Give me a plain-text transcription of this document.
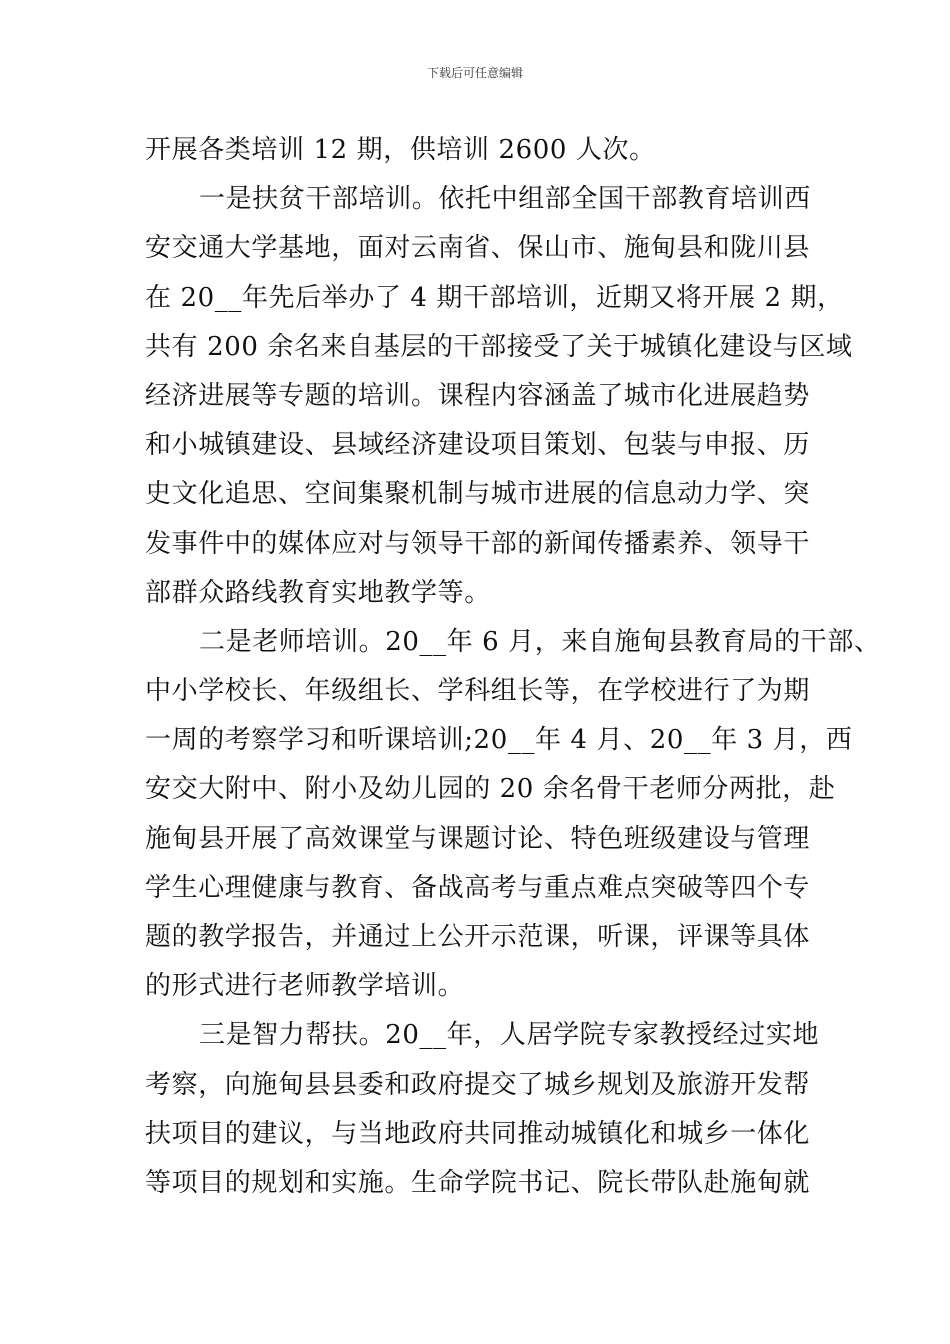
下载后可任意编辑
开展各类培训 12 期，供培训 2600 人次。
一是扶贫干部培训。依托中组部全国干部教育培训西
安交通大学基地，面对云南省、保山市、施甸县和陇川县
在 20__年先后举办了 4 期干部培训，近期又将开展 2 期，
共有 200 余名来自基层的干部接受了关于城镇化建设与区域
经济进展等专题的培训。课程内容涵盖了城市化进展趋势
和小城镇建设、县域经济建设项目策划、包装与申报、历
史文化追思、空间集聚机制与城市进展的信息动力学、突
发事件中的媒体应对与领导干部的新闻传播素养、领导干
部群众路线教育实地教学等。
二是老师培训。20__年 6 月，来自施甸县教育局的干部、
中小学校长、年级组长、学科组长等，在学校进行了为期
一周的考察学习和听课培训;20__年 4 月、20__年 3 月，西
安交大附中、附小及幼儿园的 20 余名骨干老师分两批，赴
施甸县开展了高效课堂与课题讨论、特色班级建设与管理
学生心理健康与教育、备战高考与重点难点突破等四个专
题的教学报告，并通过上公开示范课，听课，评课等具体
的形式进行老师教学培训。
三是智力帮扶。20__年，人居学院专家教授经过实地
考察，向施甸县县委和政府提交了城乡规划及旅游开发帮
扶项目的建议，与当地政府共同推动城镇化和城乡一体化
等项目的规划和实施。生命学院书记、院长带队赴施甸就
